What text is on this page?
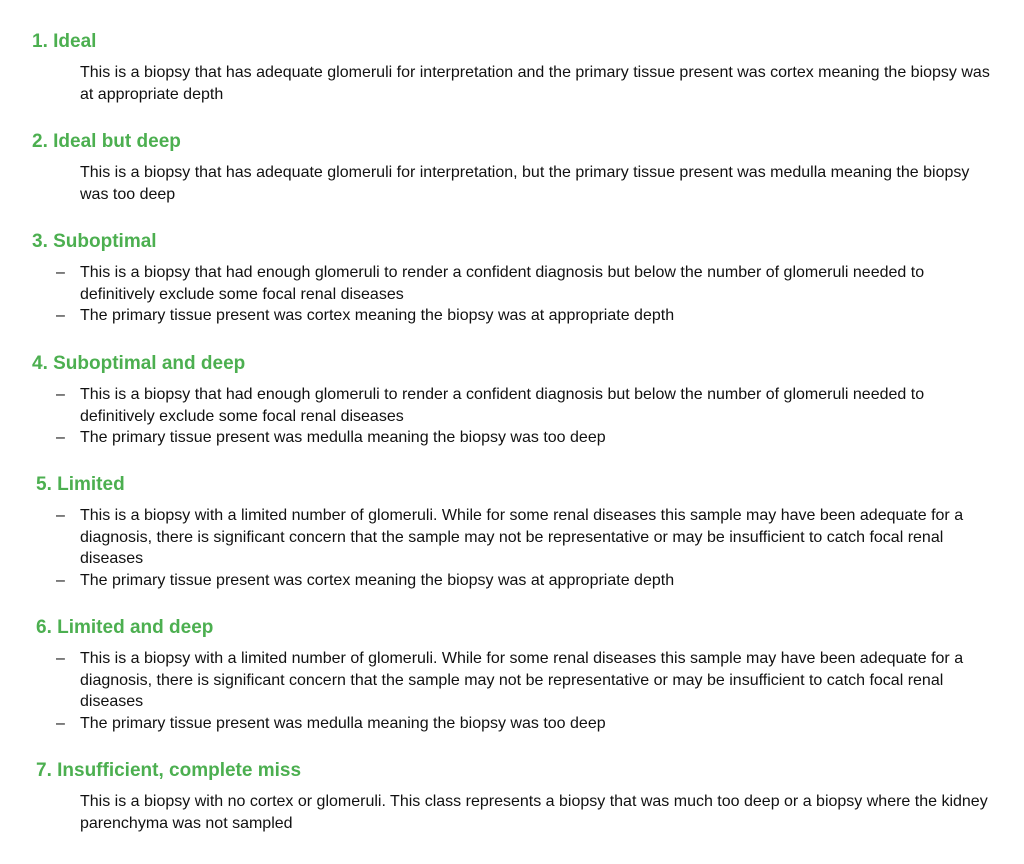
1. Ideal

This is a biopsy that has adequate glomeruli for interpretation and the primary tissue present was cortex meaning the biopsy was at appropriate depth

2. Ideal but deep

This is a biopsy that has adequate glomeruli for interpretation, but the primary tissue present was medulla meaning the biopsy was too deep

3. Suboptimal
– This is a biopsy that had enough glomeruli to render a confident diagnosis but below the number of glomeruli needed to definitively exclude some focal renal diseases
– The primary tissue present was cortex meaning the biopsy was at appropriate depth
4. Suboptimal and deep
– This is a biopsy that had enough glomeruli to render a confident diagnosis but below the number of glomeruli needed to definitively exclude some focal renal diseases
– The primary tissue present was medulla meaning the biopsy was too deep
5. Limited
– This is a biopsy with a limited number of glomeruli. While for some renal diseases this sample may have been adequate for a diagnosis, there is significant concern that the sample may not be representative or may be insufficient to catch focal renal diseases
– The primary tissue present was cortex meaning the biopsy was at appropriate depth
6. Limited and deep
– This is a biopsy with a limited number of glomeruli. While for some renal diseases this sample may have been adequate for a diagnosis, there is significant concern that the sample may not be representative or may be insufficient to catch focal renal diseases
– The primary tissue present was medulla meaning the biopsy was too deep
7. Insufficient, complete miss

This is a biopsy with no cortex or glomeruli. This class represents a biopsy that was much too deep or a biopsy where the kidney parenchyma was not sampled
